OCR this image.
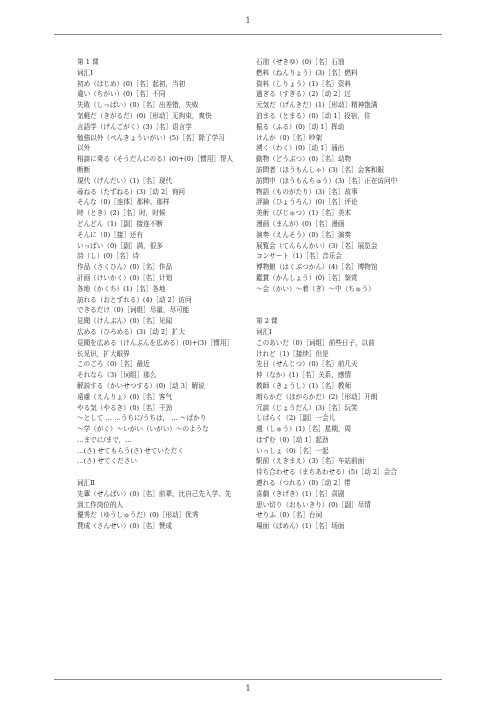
1
第 1 课
词汇Ⅰ
初め（はじめ）(0)［名］起初，当初
違い（ちがい）(0)［名］不同
失敗（しっぱい）(0)［名］出差错，失败
気軽だ（きがるだ）(0)［形动］无拘束，爽快
言語学（げんごがく）(3)［名］语言学
勉強以外（べんきょういがい）(5)［名］除了学习
以外
相談に乗る（そうだんにのる）(0)+(0)［惯用］帮人
断断
現代（げんだい）(1)［名］现代
尋ねる（たずねる）(3)［动 2］询问
そんな（0)［连体］那种、那样
時（とき）(2)［名］时，时候
どんどん（1)［副］接连不断
そんに（0)［接］还有
いっぱい（0)［副］满，很多
詩（し）(0)［名］诗
作品（さくひん）(0)［名］作品
計画（けいかく）(0)［名］计划
各地（かくち）(1)［名］各地
訪れる（おとずれる）(4)［动 2］访问
できるだけ（0)［词组］尽量，尽可能
見聞（けんぶん）(0)［名］见闻
広める（ひろめる）(3)［动 2］扩大
見聞を広める（けんぶんを広める）(0)+(3)［惯用］
长见识，扩大眼界
このごろ（0)［名］最近
それなら（3)［词组］那么
解説する（かいせつする）(0)［动 3］解说
遠慮（えんりょ）(0)［名］客气
やる気（やるき）(0)［名］干劲
～として … …うちに/うちは， … ～ばかり
～学（がく）～いがい（いがい）～のような
…までに/まで，…
…(さ) せてもらう(さ) せていただく
…(さ) せてください
词汇Ⅱ
先輩（せんぱい）(0)［名］前辈，比自己先入学、先
到工作岗位的人
優秀だ（ゆうしゅうだ）(0)［形动］优秀
賛成（さんせい）(0)［名］赞成
石油（せきゆ）(0)［名］石油
燃料（ねんりょう）(3)［名］燃料
資料（しりょう）(1)［名］资料
過ぎる（すぎる）(2)［动 2］过
元気だ（げんきだ）(1)［形动］精神饱满
泊まる（とまる）(0)［动 1］投宿，住
振る（ふる）(0)［动 1］挥动
けんか（0)［名］吵架
湧く（わく）(0)［动 1］涌出
動物（どうぶつ）(0)［名］动物
訪問者（ほうもんしゃ）(3)［名］会客和服
訪問中（ほうもんちゅう）(3)［名］正在访问中
物語（ものがたり）(3)［名］故事
評論（ひょうろん）(0)［名］评论
美術（びじゅつ）(1)［名］美术
漫画（まんが）(0)［名］漫画
演奏（えんそう）(0)［名］演奏
展覧会（てんらんかい）(3)［名］展览会
コンサート（1)［名］音乐会
博物館（はくぶつかん）(4)［名］博物馆
鑑賞（かんしょう）(0)［名］鉴赏
～会（かい）～着（ぎ）～中（ちゅう）
第 2 课
词汇Ⅰ
このあいだ（0)［词组］前些日子，以前
けれど（1)［接续］但是
先日（せんじつ）(0)［名］前几天
仲（なか）(1)［名］关系，感情
教師（きょうし）(1)［名］教师
朗らかだ（ほがらかだ）(2)［形动］开朗
冗談（じょうだん）(3)［名］玩笑
しばらく（2)［副］一会儿
週（しゅう）(1)［名］星期，周
はずむ（0)［动 1］起劲
いっしょ（0)［名］一起
駅前（えきまえ）(3)［名］车站前面
待ち合わせる（まちあわせる）(5)［动 2］会合
連れる（つれる）(0)［动 2］带
喜劇（きげき）(1)［名］喜剧
思い切り（おもいきり）(0)［副］尽情
せりふ（0)［名］台词
場面（ばめん）(1)［名］场面
1
